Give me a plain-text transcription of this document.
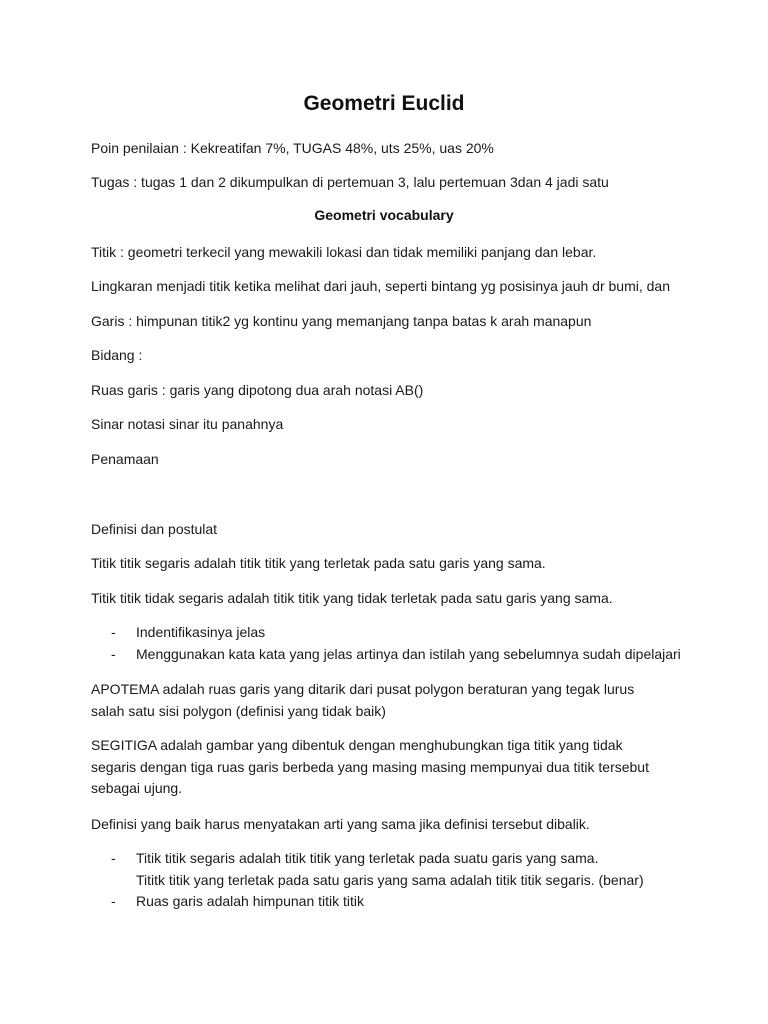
Geometri Euclid
Poin penilaian : Kekreatifan 7%, TUGAS 48%, uts 25%, uas 20%
Tugas : tugas 1 dan 2 dikumpulkan di pertemuan 3, lalu pertemuan 3dan 4 jadi satu
Geometri vocabulary
Titik : geometri terkecil yang mewakili lokasi dan tidak memiliki panjang dan lebar.
Lingkaran menjadi titik ketika melihat dari jauh, seperti bintang yg posisinya jauh dr bumi, dan
Garis : himpunan titik2 yg kontinu yang memanjang tanpa batas k arah manapun
Bidang :
Ruas garis : garis yang dipotong dua arah notasi AB()
Sinar notasi sinar itu panahnya
Penamaan
Definisi dan postulat
Titik titik segaris adalah titik titik yang terletak pada satu garis yang sama.
Titik titik tidak segaris adalah titik titik yang tidak terletak pada satu garis yang sama.
- Indentifikasinya jelas
- Menggunakan kata kata yang jelas artinya dan istilah yang sebelumnya sudah dipelajari
APOTEMA adalah ruas garis yang ditarik dari pusat polygon beraturan yang tegak lurus salah satu sisi polygon (definisi yang tidak baik)
SEGITIGA adalah gambar yang dibentuk dengan menghubungkan tiga titik yang tidak segaris dengan tiga ruas garis berbeda yang masing masing mempunyai dua titik tersebut sebagai ujung.
Definisi yang baik harus menyatakan arti yang sama jika definisi tersebut dibalik.
- Titik titik segaris adalah titik titik yang terletak pada suatu garis yang sama.
Tititk titik yang terletak pada satu garis yang sama adalah titik titik segaris. (benar)
- Ruas garis adalah himpunan titik titik
